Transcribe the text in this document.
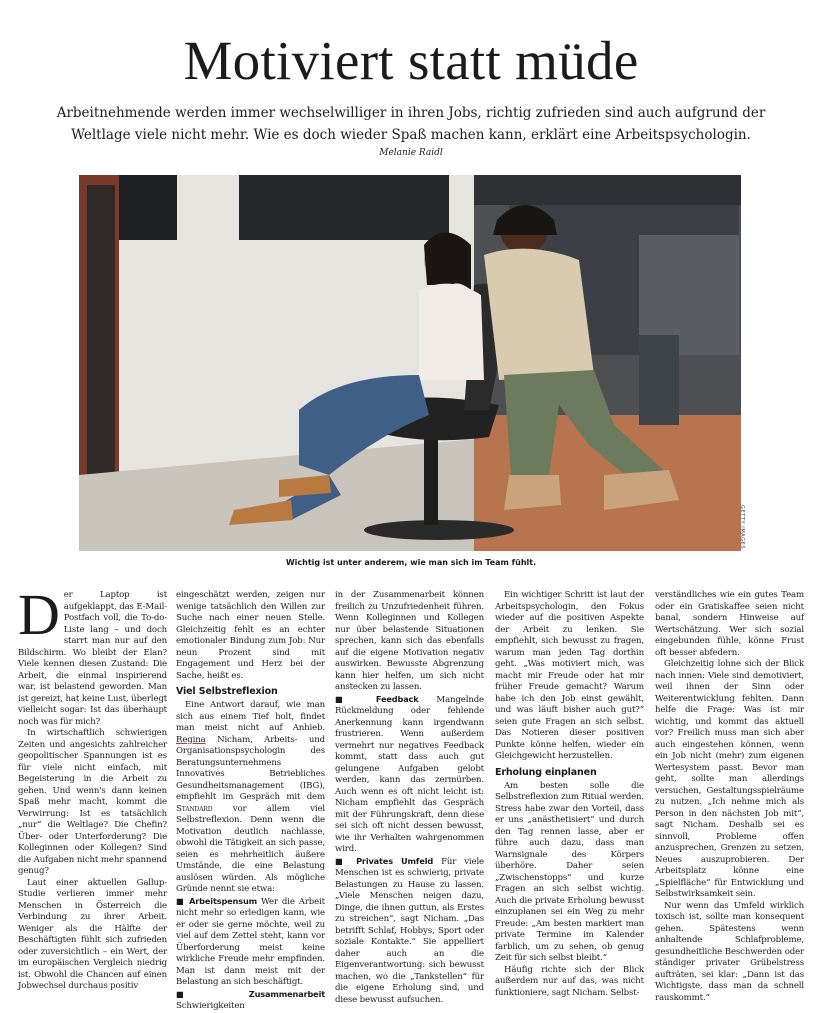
Motiviert statt müde

Arbeitnehmende werden immer wechselwilliger in ihren Jobs, richtig zufrieden sind auch aufgrund der Weltlage viele nicht mehr. Wie es doch wieder Spaß machen kann, erklärt eine Arbeitspsychologin.

Melanie Raidl
GETTY IMAGES
Wichtig ist unter anderem, wie man sich im Team fühlt.

Der Laptop ist aufgeklappt, das E-Mail-Postfach voll, die To-do-Liste lang – und doch starrt man nur auf den Bildschirm. Wo bleibt der Elan? Viele kennen diesen Zustand: Die Arbeit, die einmal inspirierend war, ist belastend geworden. Man ist gereizt, hat keine Lust, überlegt vielleicht sogar: Ist das überhaupt noch was für mich?

In wirtschaftlich schwierigen Zeiten und angesichts zahlreicher geopolitischer Spannungen ist es für viele nicht einfach, mit Begeisterung in die Arbeit zu gehen. Und wenn's dann keinen Spaß mehr macht, kommt die Verwirrung: Ist es tatsächlich „nur“ die Weltlage? Die Chefin? Über- oder Unterforderung? Die Kolleginnen oder Kollegen? Sind die Aufgaben nicht mehr spannend genug?

Laut einer aktuellen Gallup-Studie verlieren immer mehr Menschen in Österreich die Verbindung zu ihrer Arbeit. Weniger als die Hälfte der Beschäftigten fühlt sich zufrieden oder zuversichtlich – ein Wert, der im europäischen Vergleich niedrig ist. Obwohl die Chancen auf einen Jobwechsel durchaus positiv

eingeschätzt werden, zeigen nur wenige tatsächlich den Willen zur Suche nach einer neuen Stelle. Gleichzeitig fehlt es an echter emotionaler Bindung zum Job: Nur neun Prozent sind mit Engagement und Herz bei der Sache, heißt es.

Viel Selbstreflexion

Eine Antwort darauf, wie man sich aus einem Tief holt, findet man meist nicht auf Anhieb. Regina Nicham, Arbeits- und Organisationspsychologin des Beratungsunternehmens Innovatives Betriebliches Gesundheitsmanagement (IBG), empfiehlt im Gespräch mit dem Standard vor allem viel Selbstreflexion. Denn wenn die Motivation deutlich nachlasse, obwohl die Tätigkeit an sich passe, seien es mehrheitlich äußere Umstände, die eine Belastung auslösen würden. Als mögliche Gründe nennt sie etwa:

■ Arbeitspensum Wer die Arbeit nicht mehr so erledigen kann, wie er oder sie gerne möchte, weil zu viel auf dem Zettel steht, kann vor Überforderung meist keine wirkliche Freude mehr empfinden. Man ist dann meist mit der Belastung an sich beschäftigt.

■ Zusammenarbeit Schwierigkeiten

in der Zusammenarbeit können freilich zu Unzufriedenheit führen. Wenn Kolleginnen und Kollegen nur über belastende Situationen sprechen, kann sich das ebenfalls auf die eigene Motivation negativ auswirken. Bewusste Abgrenzung kann hier helfen, um sich nicht anstecken zu lassen.

■ Feedback Mangelnde Rückmeldung oder fehlende Anerkennung kann irgendwann frustrieren. Wenn außerdem vermehrt nur negatives Feedback kommt, statt dass auch gut gelungene Aufgaben gelobt werden, kann das zermürben. Auch wenn es oft nicht leicht ist: Nicham empfiehlt das Gespräch mit der Führungskraft, denn diese sei sich oft nicht dessen bewusst, wie ihr Verhalten wahrgenommen wird.

■ Privates Umfeld Für viele Menschen ist es schwierig, private Belastungen zu Hause zu lassen. „Viele Menschen neigen dazu, Dinge, die ihnen guttun, als Erstes zu streichen“, sagt Nicham. „Das betrifft Schlaf, Hobbys, Sport oder soziale Kontakte.“ Sie appelliert daher auch an die Eigenverantwortung: sich bewusst machen, wo die „Tankstellen“ für die eigene Erholung sind, und diese bewusst aufsuchen.

Ein wichtiger Schritt ist laut der Arbeitspsychologin, den Fokus wieder auf die positiven Aspekte der Arbeit zu lenken. Sie empfiehlt, sich bewusst zu fragen, warum man jeden Tag dorthin geht. „Was motiviert mich, was macht mir Freude oder hat mir früher Freude gemacht? Warum habe ich den Job einst gewählt, und was läuft bisher auch gut?“ seien gute Fragen an sich selbst. Das Notieren dieser positiven Punkte könne helfen, wieder ein Gleichgewicht herzustellen.

Erholung einplanen

Am besten solle die Selbstreflexion zum Ritual werden. Stress habe zwar den Vorteil, dass er uns „anästhetisiert“ und durch den Tag rennen lasse, aber er führe auch dazu, dass man Warnsignale des Körpers überhöre. Daher seien „Zwischenstopps“ und kurze Fragen an sich selbst wichtig. Auch die private Erholung bewusst einzuplanen sei ein Weg zu mehr Freude: „Am besten markiert man private Termine im Kalender farblich, um zu sehen, ob genug Zeit für sich selbst bleibt.“

Häufig richte sich der Blick außerdem nur auf das, was nicht funktioniere, sagt Nicham. Selbst-

verständliches wie ein gutes Team oder ein Gratiskaffee seien nicht banal, sondern Hinweise auf Wertschätzung. Wer sich sozial eingebunden fühle, könne Frust oft besser abfedern.

Gleichzeitig lohne sich der Blick nach innen: Viele sind demotiviert, weil ihnen der Sinn oder Weiterentwicklung fehlten. Dann helfe die Frage: Was ist mir wichtig, und kommt das aktuell vor? Freilich muss man sich aber auch eingestehen können, wenn ein Job nicht (mehr) zum eigenen Wertesystem passt. Bevor man geht, sollte man allerdings versuchen, Gestaltungsspielräume zu nutzen. „Ich nehme mich als Person in den nächsten Job mit“, sagt Nicham. Deshalb sei es sinnvoll, Probleme offen anzusprechen, Grenzen zu setzen, Neues auszuprobieren. Der Arbeitsplatz könne eine „Spielfläche“ für Entwicklung und Selbstwirksamkeit sein.

Nur wenn das Umfeld wirklich toxisch ist, sollte man konsequent gehen. Spätestens wenn anhaltende Schlafprobleme, gesundheitliche Beschwerden oder ständiger privater Grübelstress aufträten, sei klar: „Dann ist das Wichtigste, dass man da schnell rauskommt.“
